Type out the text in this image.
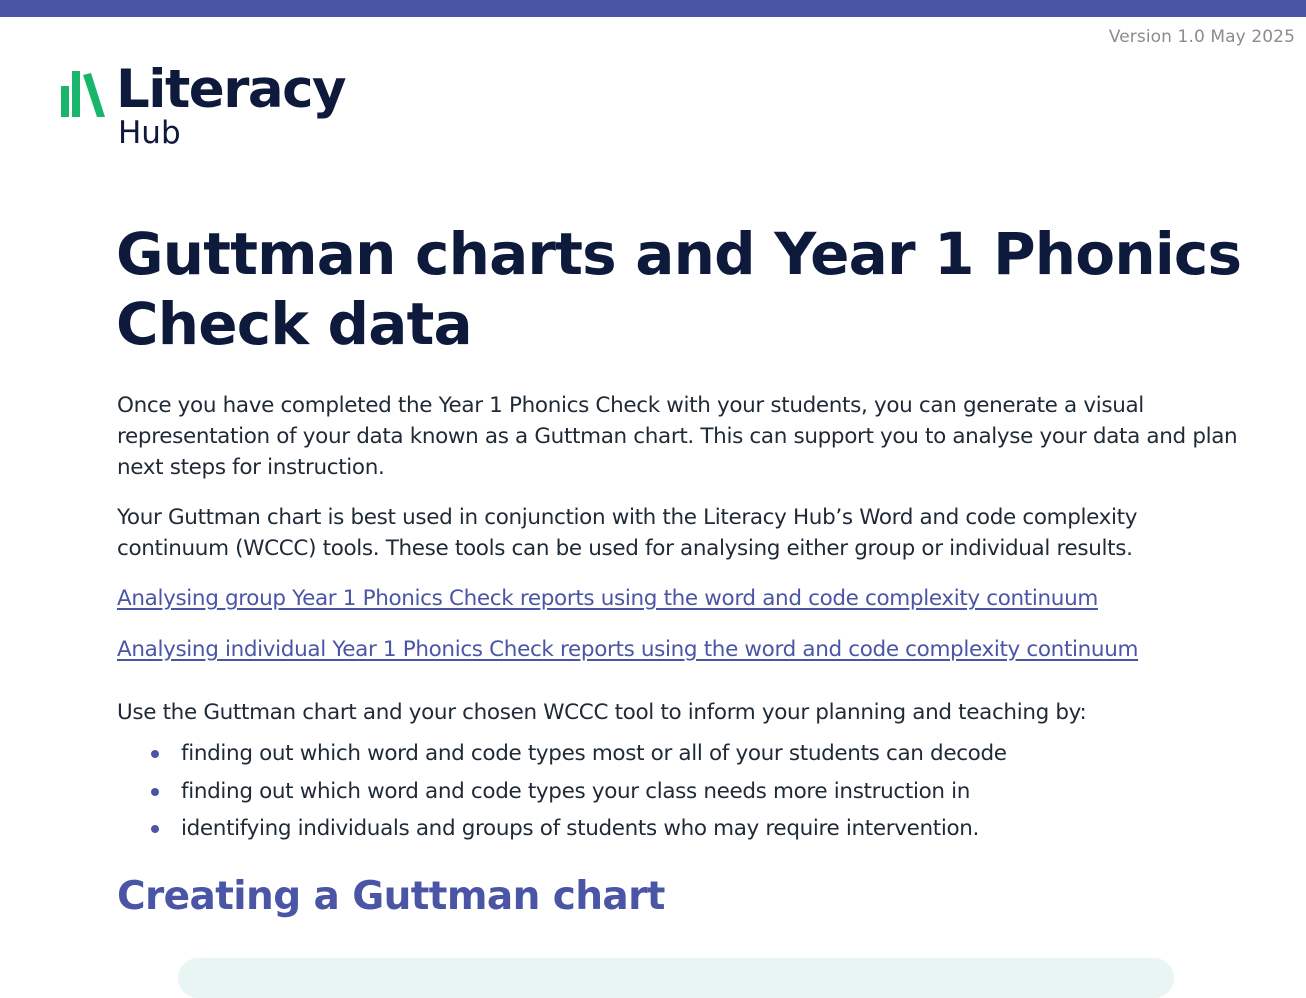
Version 1.0 May 2025
Literacy
Hub
Guttman charts and Year 1 Phonics Check data

Once you have completed the Year 1 Phonics Check with your students, you can generate a visual representation of your data known as a Guttman chart. This can support you to analyse your data and plan next steps for instruction.

Your Guttman chart is best used in conjunction with the Literacy Hub’s Word and code complexity continuum (WCCC) tools. These tools can be used for analysing either group or individual results.

Analysing group Year 1 Phonics Check reports using the word and code complexity continuum
Analysing individual Year 1 Phonics Check reports using the word and code complexity continuum

Use the Guttman chart and your chosen WCCC tool to inform your planning and teaching by:

finding out which word and code types most or all of your students can decode
finding out which word and code types your class needs more instruction in
identifying individuals and groups of students who may require intervention.
Creating a Guttman chart
